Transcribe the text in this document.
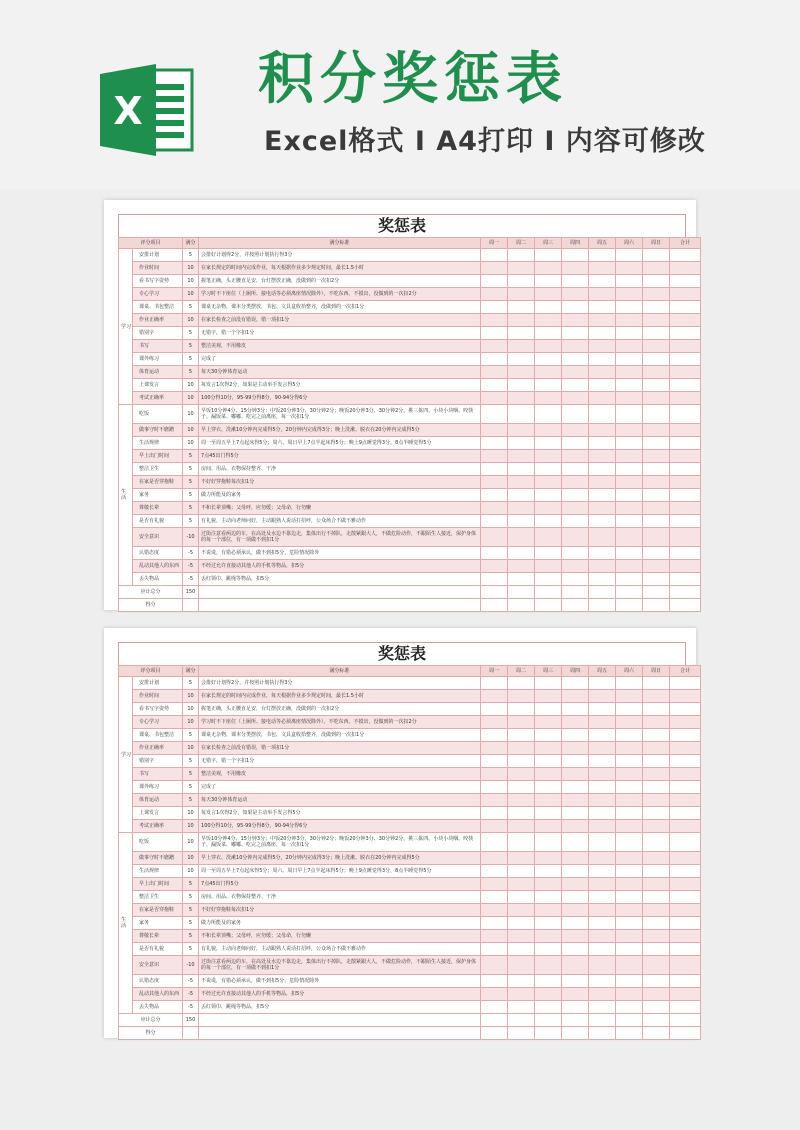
X 积分奖惩表
Excel格式 I A4打印 I 内容可修改
奖惩表
评分项目		满分	满分标准	周一	周二	周三	周四	周五	周六	周日	合计
学习	安排计划	5	会排好计划得2分，并按照计划执行得3分								
	作业时间	10	在家长规定的时间内完成作业，每天根据作业多少规定时间，最长1.5小时								
	看书写字姿势	10	握笔正确，头正腰直足安，台灯摆放正确，没做到的一次扣2分								
	专心学习	10	学习时不下座位（上厕所、接电话等必须离座情况除外），不吃东西、不摸出，没做到的一次扣2分								
	课桌、书包整洁	5	课桌无杂物，课本分类摆放，书包、文具盒收拾整齐，没做到的一次扣1分								
	作业正确率	10	在家长检查之前没有错误，错一项扣1分								
	错别字	5	无错字，错一个字扣1分								
	书写	5	整洁美观，不用橡皮								
	课外练习	5	完成了								
	体育运动	5	每天30分钟体育运动								
	上课发言	10	每发言1次得2分，如果是主动举手发言得5分								
	考试正确率	10	100分得10分，95-99分得8分，90-94分得6分								
生活	吃饭	10	早饭10分钟4分、15分钟3分；中饭20分钟3分、30分钟2分；晚饭20分钟3分、30分钟2分，挑三拣四、小块小块咽、咬筷子、漏饭菜、嘟嘟、吃完之前离座，每一次扣1分								
	做事守时不磨蹭	10	早上穿衣、洗漱10分钟内完成得5分，20分钟内完成得3分；晚上洗漱、脱衣在20分钟内完成得5分								
	生活规律	10	周一至周五早上7点起床得5分；周六、周日早上7点半起床得5分；晚上9点睡觉得3分，8点半睡觉得5分								
	早上出门时间	5	7点45出门得5分								
	整洁卫生	5	房间、用品、衣物保持整齐、干净								
	在家是否穿拖鞋	5	不好好穿拖鞋每次扣1分								
	家务	5	做力所能及的家务								
	尊敬长辈	5	不和长辈顶嘴；父母呼，应勿缓；父母命，行勿懒								
	是否有礼貌	5	有礼貌，主动向老师问好，主动跟熟人说话打招呼，公众场合不做不雅动作								
	安全意识	-10	过街注意看两边的车，在高处及水边不靠边走，集体出行不掉队，走散紧跟大人，不做危险动作，不跟陌生人接近，保护身体的每一个部位，有一项做不到扣1分								
	认错态度	-5	不说谎，有错必须承认，做不到扣5分，危险情况除外								
	乱动其他人的东西	-5	不经过允许直接动其他人的手机等物品，扣5分								
	丢失物品	-5	丢红领巾、跳绳等物品，扣5分								
应计总分		150									
得分											
奖惩表
评分项目		满分	满分标准	周一	周二	周三	周四	周五	周六	周日	合计
学习	安排计划	5	会排好计划得2分，并按照计划执行得3分								
	作业时间	10	在家长规定的时间内完成作业，每天根据作业多少规定时间，最长1.5小时								
	看书写字姿势	10	握笔正确，头正腰直足安，台灯摆放正确，没做到的一次扣2分								
	专心学习	10	学习时不下座位（上厕所、接电话等必须离座情况除外），不吃东西、不摸出，没做到的一次扣2分								
	课桌、书包整洁	5	课桌无杂物，课本分类摆放，书包、文具盒收拾整齐，没做到的一次扣1分								
	作业正确率	10	在家长检查之前没有错误，错一项扣1分								
	错别字	5	无错字，错一个字扣1分								
	书写	5	整洁美观，不用橡皮								
	课外练习	5	完成了								
	体育运动	5	每天30分钟体育运动								
	上课发言	10	每发言1次得2分，如果是主动举手发言得5分								
	考试正确率	10	100分得10分，95-99分得8分，90-94分得6分								
生活	吃饭	10	早饭10分钟4分、15分钟3分；中饭20分钟3分、30分钟2分；晚饭20分钟3分、30分钟2分，挑三拣四、小块小块咽、咬筷子、漏饭菜、嘟嘟、吃完之前离座，每一次扣1分								
	做事守时不磨蹭	10	早上穿衣、洗漱10分钟内完成得5分，20分钟内完成得3分；晚上洗漱、脱衣在20分钟内完成得5分								
	生活规律	10	周一至周五早上7点起床得5分；周六、周日早上7点半起床得5分；晚上9点睡觉得3分，8点半睡觉得5分								
	早上出门时间	5	7点45出门得5分								
	整洁卫生	5	房间、用品、衣物保持整齐、干净								
	在家是否穿拖鞋	5	不好好穿拖鞋每次扣1分								
	家务	5	做力所能及的家务								
	尊敬长辈	5	不和长辈顶嘴；父母呼，应勿缓；父母命，行勿懒								
	是否有礼貌	5	有礼貌，主动向老师问好，主动跟熟人说话打招呼，公众场合不做不雅动作								
	安全意识	-10	过街注意看两边的车，在高处及水边不靠边走，集体出行不掉队，走散紧跟大人，不做危险动作，不跟陌生人接近，保护身体的每一个部位，有一项做不到扣1分								
	认错态度	-5	不说谎，有错必须承认，做不到扣5分，危险情况除外								
	乱动其他人的东西	-5	不经过允许直接动其他人的手机等物品，扣5分								
	丢失物品	-5	丢红领巾、跳绳等物品，扣5分								
应计总分		150									
得分											
